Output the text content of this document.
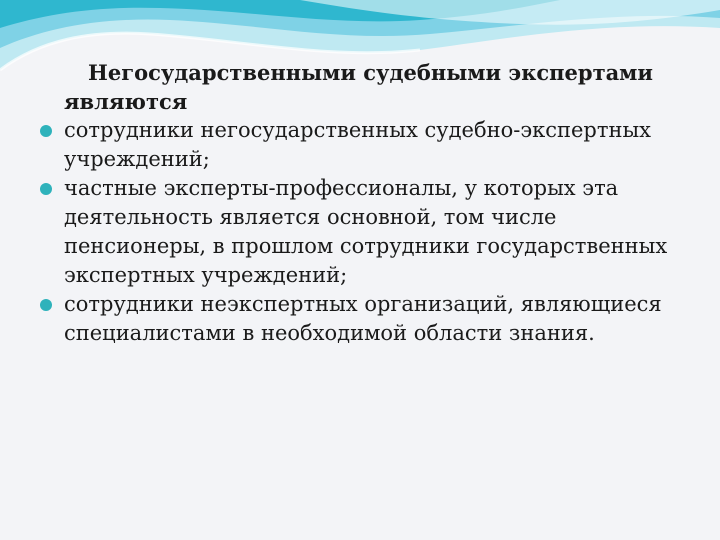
Негосударственными судебными экспертами являются

сотрудники негосударственных судебно-экспертных учреждений;
частные эксперты-профессионалы, у которых эта деятельность является основной, том числе пенсионеры, в прошлом сотрудники государственных экспертных учреждений;
сотрудники неэкспертных организаций, являющиеся специалистами в необходимой области знания.
